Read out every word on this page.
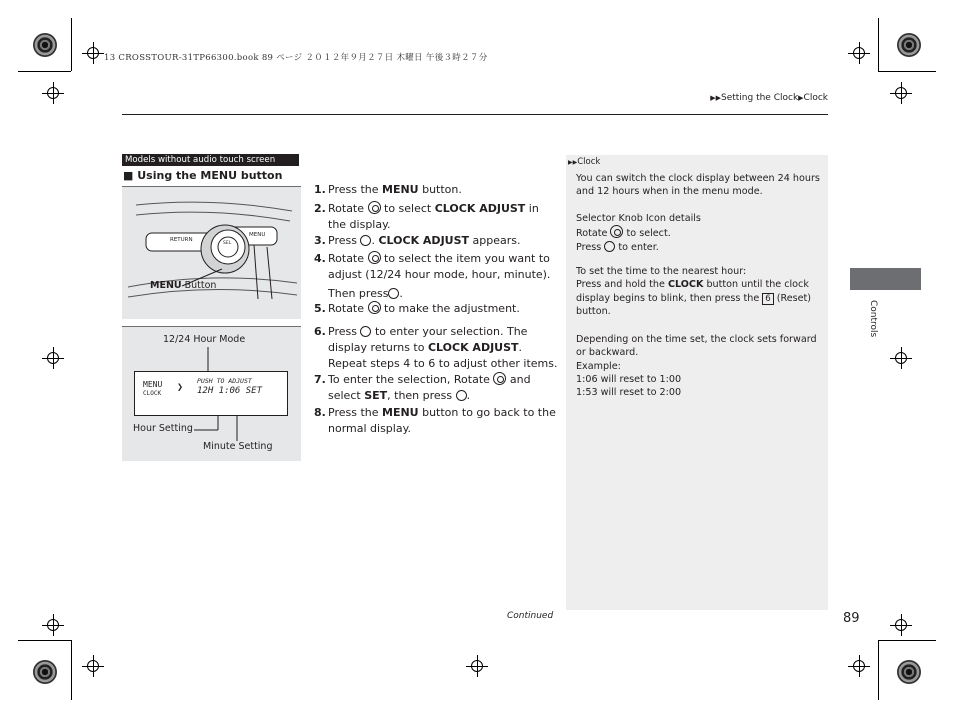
13 CROSSTOUR-31TP66300.book 89 ページ ２０１２年９月２７日 木曜日 午後３時２７分
▶▶Setting the Clock▶Clock
Models without audio touch screen
■ Using the MENU button
RETURN
MENU
SEL
MENU Button
12/24 Hour Mode
Hour Setting
Minute Setting
MENU
CLOCK
❯
PUSH TO ADJUST
12H 1:06 SET
1. Press the MENU button.
2. Rotate  to select CLOCK ADJUST in the display.
3. Press . CLOCK ADJUST appears.
4. Rotate  to select the item you want to adjust (12/24 hour mode, hour, minute).
Then press.
5. Rotate  to make the adjustment.
6. Press  to enter your selection. The display returns to CLOCK ADJUST. Repeat steps 4 to 6 to adjust other items.
7. To enter the selection, Rotate  and select SET, then press .
8. Press the MENU button to go back to the normal display.
▶▶Clock

You can switch the clock display between 24 hours and 12 hours when in the menu mode.

Selector Knob Icon details
Rotate  to select.
Press  to enter.

To set the time to the nearest hour:
Press and hold the CLOCK button until the clock display begins to blink, then press the 6 (Reset) button.

Depending on the time set, the clock sets forward or backward.
Example:
1:06 will reset to 1:00
1:53 will reset to 2:00

Controls
Continued	89
